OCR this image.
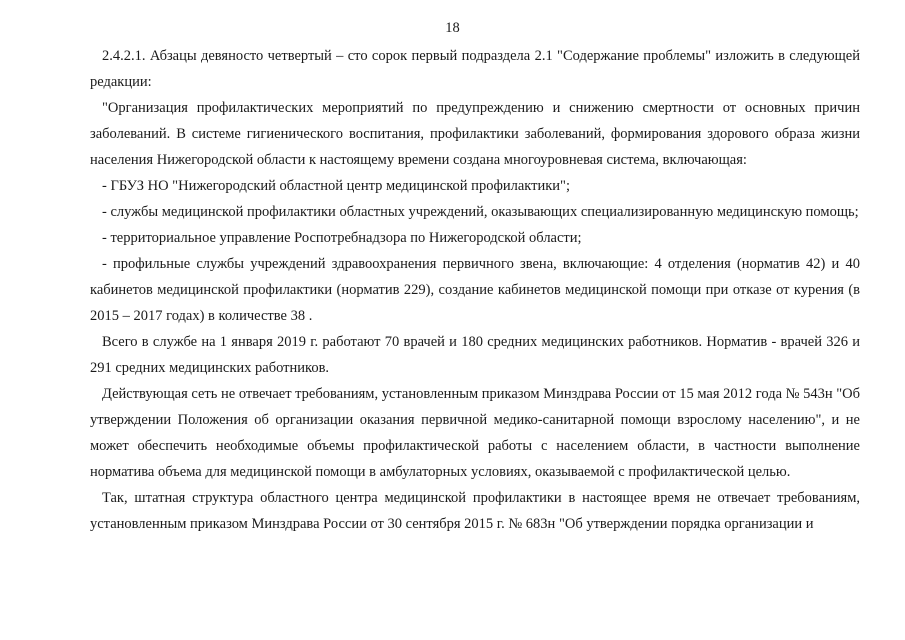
18

2.4.2.1. Абзацы девяносто четвертый – сто сорок первый подраздела 2.1 "Содержание проблемы" изложить в следующей редакции:

"Организация профилактических мероприятий по предупреждению и снижению смертности от основных причин заболеваний. В системе гигиенического воспитания, профилактики заболеваний, формирования здорового образа жизни населения Нижегородской области к настоящему времени создана многоуровневая система, включающая:

- ГБУЗ НО "Нижегородский областной центр медицинской профилактики";

- службы медицинской профилактики областных учреждений, оказывающих специализированную медицинскую помощь;

- территориальное управление Роспотребнадзора по Нижегородской области;

- профильные службы учреждений здравоохранения первичного звена, включающие: 4 отделения (норматив 42) и 40 кабинетов медицинской профилактики (норматив 229), создание кабинетов медицинской помощи при отказе от курения (в 2015 – 2017 годах) в количестве 38 .

Всего в службе на 1 января 2019 г. работают 70 врачей и 180 средних медицинских работников. Норматив - врачей 326 и 291 средних медицинских работников.

Действующая сеть не отвечает требованиям, установленным приказом Минздрава России от 15 мая 2012 года № 543н "Об утверждении Положения об организации оказания первичной медико-санитарной помощи взрослому населению", и не может обеспечить необходимые объемы профилактической работы с населением области, в частности выполнение норматива объема для медицинской помощи в амбулаторных условиях, оказываемой с профилактической целью.

Так, штатная структура областного центра медицинской профилактики в настоящее время не отвечает требованиям, установленным приказом Минздрава России от 30 сентября 2015 г. № 683н "Об утверждении порядка организации и
